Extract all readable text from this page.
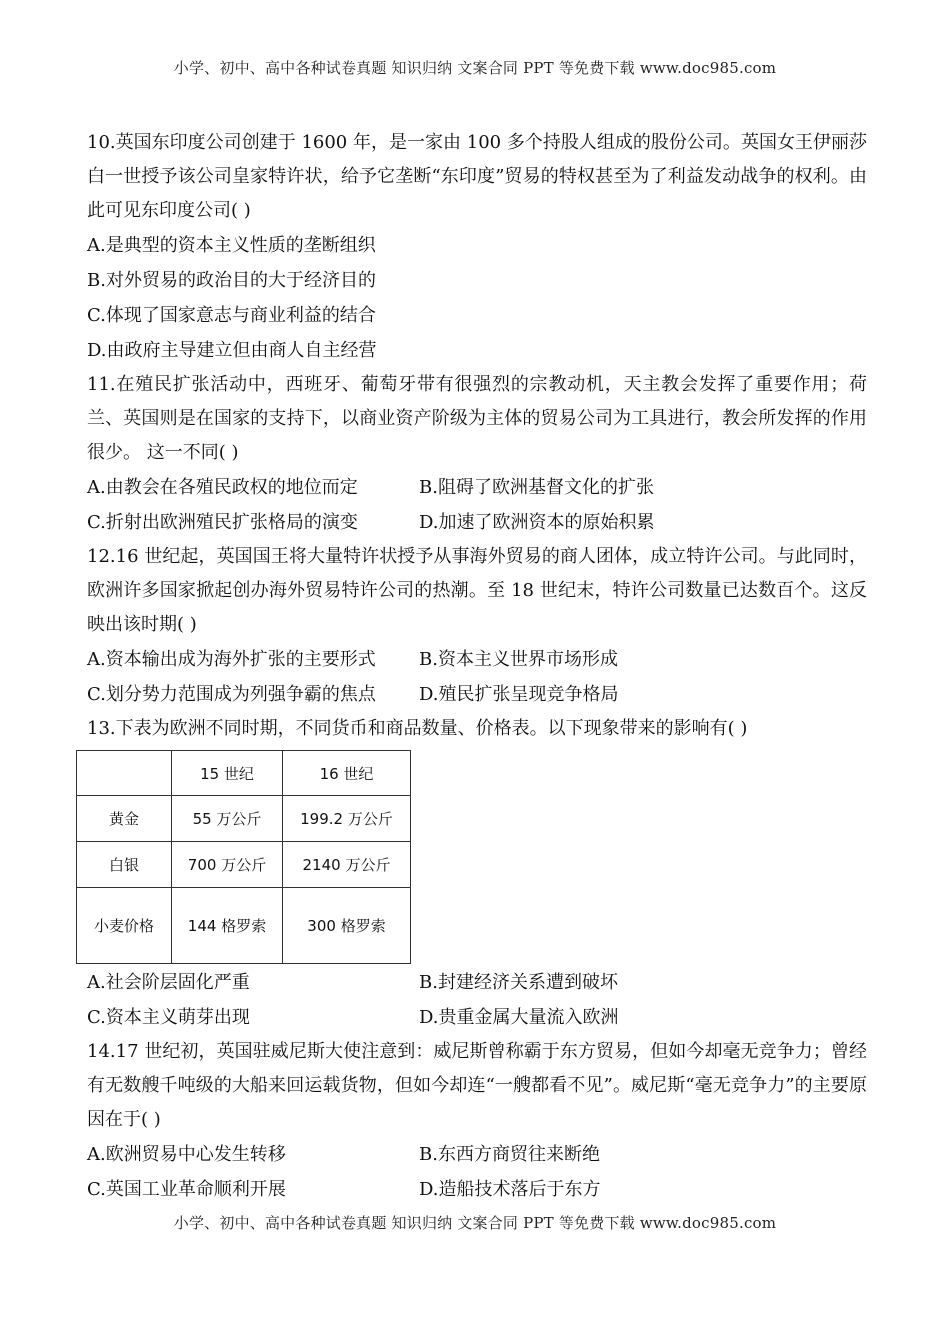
小学、初中、高中各种试卷真题 知识归纳 文案合同 PPT 等免费下载 www.doc985.com

10.英国东印度公司创建于 1600 年，是一家由 100 多个持股人组成的股份公司。英国女王伊丽莎白一世授予该公司皇家特许状，给予它垄断“东印度”贸易的特权甚至为了利益发动战争的权利。由此可见东印度公司( )

A.是典型的资本主义性质的垄断组织

B.对外贸易的政治目的大于经济目的

C.体现了国家意志与商业利益的结合

D.由政府主导建立但由商人自主经营

11.在殖民扩张活动中，西班牙、葡萄牙带有很强烈的宗教动机，天主教会发挥了重要作用；荷兰、英国则是在国家的支持下，以商业资产阶级为主体的贸易公司为工具进行，教会所发挥的作用很少。 这一不同( )

A.由教会在各殖民政权的地位而定	B.阻碍了欧洲基督文化的扩张

C.折射出欧洲殖民扩张格局的演变	D.加速了欧洲资本的原始积累

12.16 世纪起，英国国王将大量特许状授予从事海外贸易的商人团体，成立特许公司。与此同时，欧洲许多国家掀起创办海外贸易特许公司的热潮。至 18 世纪末，特许公司数量已达数百个。这反映出该时期( )

A.资本输出成为海外扩张的主要形式	B.资本主义世界市场形成

C.划分势力范围成为列强争霸的焦点	D.殖民扩张呈现竞争格局

13.下表为欧洲不同时期，不同货币和商品数量、价格表。以下现象带来的影响有( )

	15 世纪	16 世纪
黄金	55 万公斤	199.2 万公斤
白银	700 万公斤	2140 万公斤
小麦价格	144 格罗索	300 格罗索

A.社会阶层固化严重	B.封建经济关系遭到破坏

C.资本主义萌芽出现	D.贵重金属大量流入欧洲

14.17 世纪初，英国驻威尼斯大使注意到：威尼斯曾称霸于东方贸易，但如今却毫无竞争力；曾经有无数艘千吨级的大船来回运载货物，但如今却连“一艘都看不见”。威尼斯“毫无竞争力”的主要原因在于( )

A.欧洲贸易中心发生转移	B.东西方商贸往来断绝

C.英国工业革命顺利开展	D.造船技术落后于东方

小学、初中、高中各种试卷真题 知识归纳 文案合同 PPT 等免费下载 www.doc985.com
